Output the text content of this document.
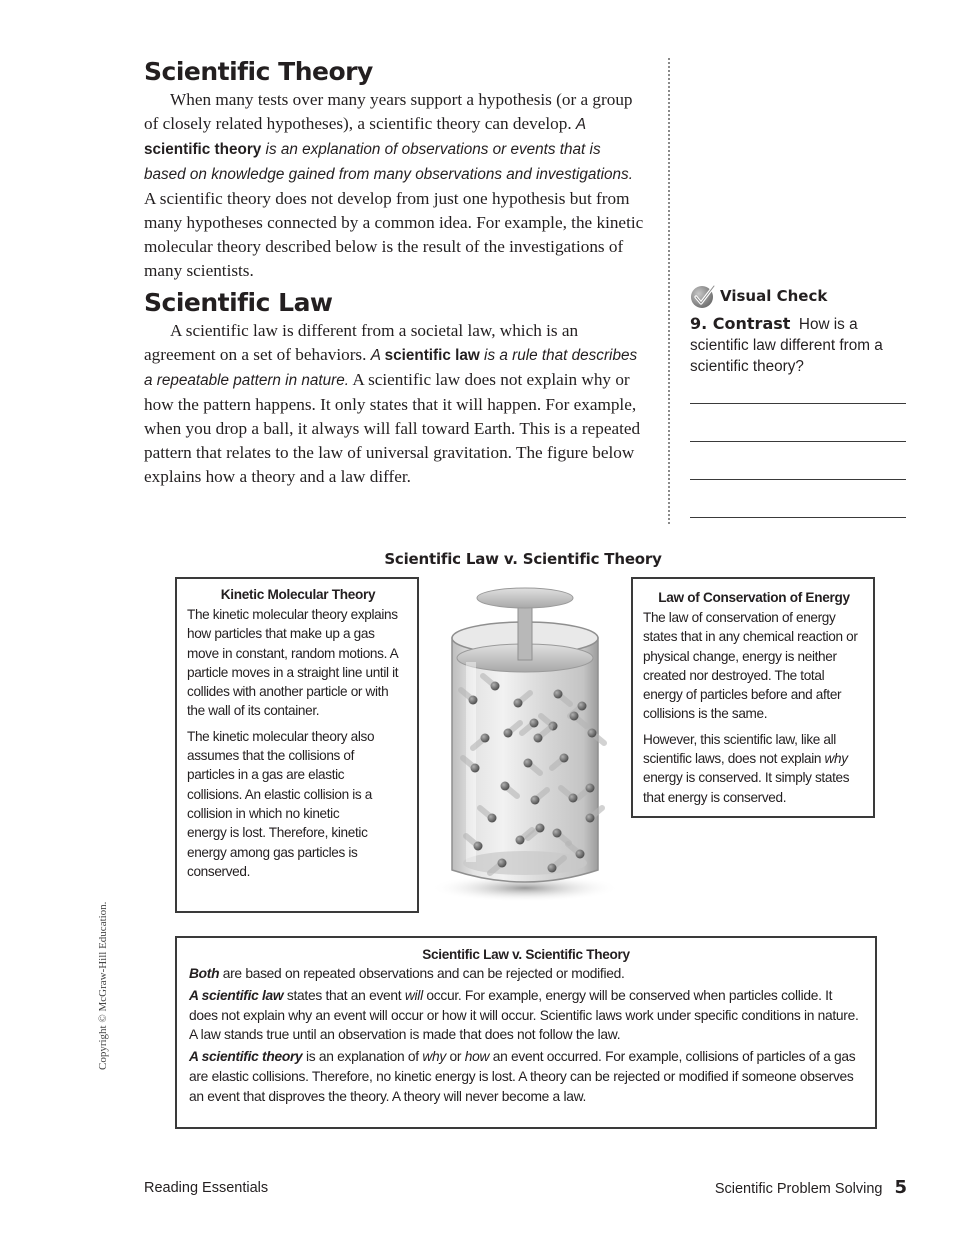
Scientific Theory

When many tests over many years support a hypothesis (or a group of closely related hypotheses), a scientific theory can develop. A scientific theory is an explanation of observations or events that is based on knowledge gained from many observations and investigations. A scientific theory does not develop from just one hypothesis but from many hypotheses connected by a common idea. For example, the kinetic molecular theory described below is the result of the investigations of many scientists.

Scientific Law

A scientific law is different from a societal law, which is an agreement on a set of behaviors. A scientific law is a rule that describes a repeatable pattern in nature. A scientific law does not explain why or how the pattern happens. It only states that it will happen. For example, when you drop a ball, it always will fall toward Earth. This is a repeated pattern that relates to the law of universal gravitation. The figure below explains how a theory and a law differ.

Visual Check
9. Contrast How is a scientific law different from a scientific theory?
Scientific Law v. Scientific Theory
Kinetic Molecular Theory

The kinetic molecular theory explains how particles that make up a gas move in constant, random motions. A particle moves in a straight line until it collides with another particle or with the wall of its container.

The kinetic molecular theory also assumes that the collisions of particles in a gas are elastic collisions. An elastic collision is a collision in which no kinetic energy is lost. Therefore, kinetic energy among gas particles is conserved.

Law of Conservation of Energy

The law of conservation of energy states that in any chemical reaction or physical change, energy is neither created nor destroyed. The total energy of particles before and after collisions is the same.

However, this scientific law, like all scientific laws, does not explain why energy is conserved. It simply states that energy is conserved.

Scientific Law v. Scientific Theory

Both are based on repeated observations and can be rejected or modified.

A scientific law states that an event will occur. For example, energy will be conserved when particles collide. It does not explain why an event will occur or how it will occur. Scientific laws work under specific conditions in nature. A law stands true until an observation is made that does not follow the law.

A scientific theory is an explanation of why or how an event occurred. For example, collisions of particles of a gas are elastic collisions. Therefore, no kinetic energy is lost. A theory can be rejected or modified if someone observes an event that disproves the theory. A theory will never become a law.

Copyright © McGraw-Hill Education.
Reading Essentials	Scientific Problem Solving 5
